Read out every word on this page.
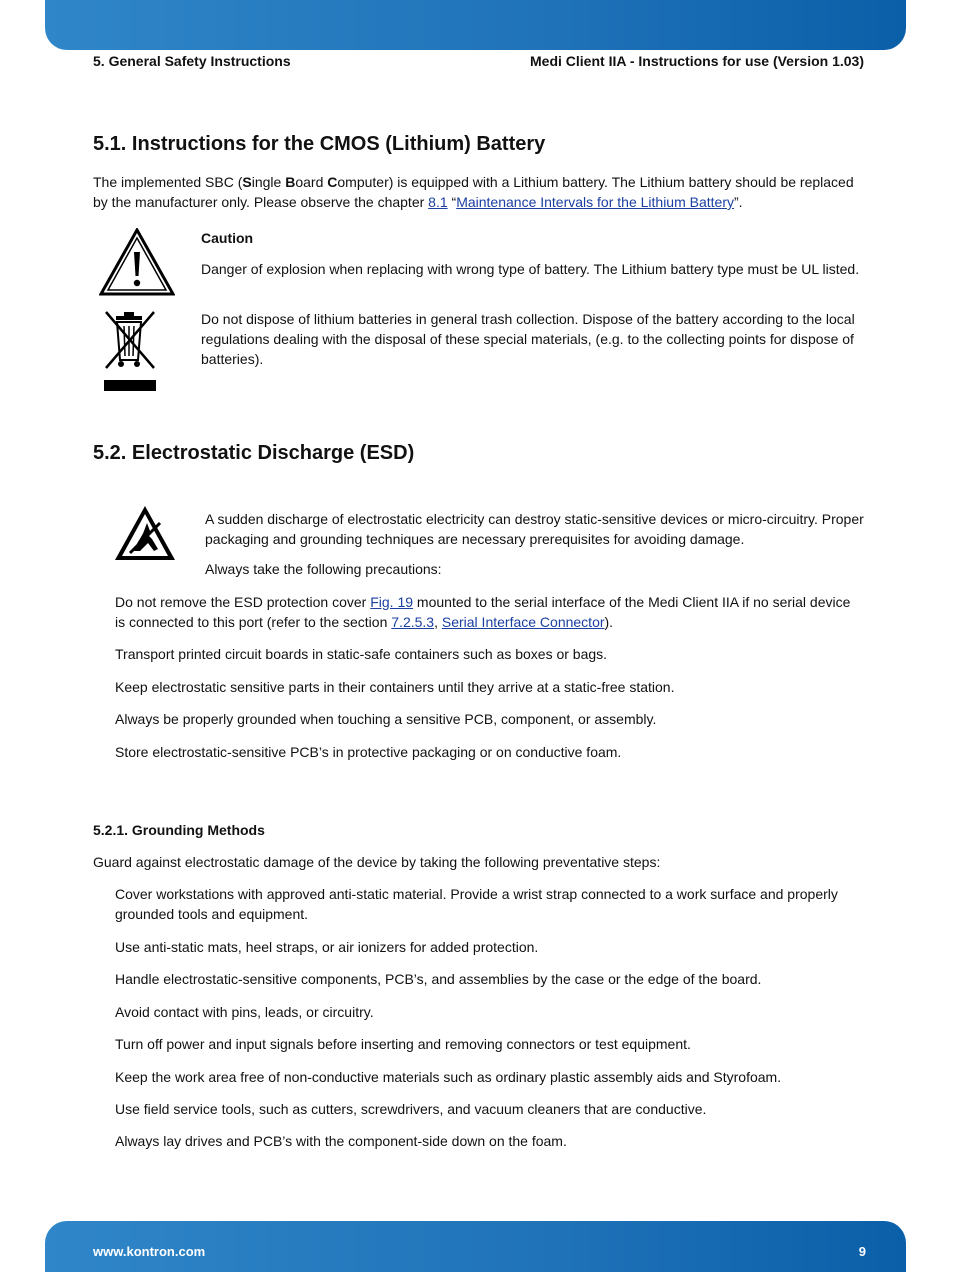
5. General Safety Instructions	Medi Client IIA - Instructions for use (Version 1.03)
5.1. Instructions for the CMOS (Lithium) Battery
The implemented SBC (Single Board Computer) is equipped with a Lithium battery. The Lithium battery should be replaced by the manufacturer only. Please observe the chapter 8.1 “Maintenance Intervals for the Lithium Battery”.
Caution
Danger of explosion when replacing with wrong type of battery. The Lithium battery type must be UL listed.
Do not dispose of lithium batteries in general trash collection. Dispose of the battery according to the local regulations dealing with the disposal of these special materials, (e.g. to the collecting points for dispose of batteries).
5.2. Electrostatic Discharge (ESD)
A sudden discharge of electrostatic electricity can destroy static-sensitive devices or micro-circuitry. Proper packaging and grounding techniques are necessary prerequisites for avoiding damage.
Always take the following precautions:
Do not remove the ESD protection cover Fig. 19 mounted to the serial interface of the Medi Client IIA if no serial device is connected to this port (refer to the section 7.2.5.3, Serial Interface Connector).
Transport printed circuit boards in static-safe containers such as boxes or bags.
Keep electrostatic sensitive parts in their containers until they arrive at a static-free station.
Always be properly grounded when touching a sensitive PCB, component, or assembly.
Store electrostatic-sensitive PCB’s in protective packaging or on conductive foam.
5.2.1. Grounding Methods
Guard against electrostatic damage of the device by taking the following preventative steps:
Cover workstations with approved anti-static material. Provide a wrist strap connected to a work surface and properly grounded tools and equipment.
Use anti-static mats, heel straps, or air ionizers for added protection.
Handle electrostatic-sensitive components, PCB’s, and assemblies by the case or the edge of the board.
Avoid contact with pins, leads, or circuitry.
Turn off power and input signals before inserting and removing connectors or test equipment.
Keep the work area free of non-conductive materials such as ordinary plastic assembly aids and Styrofoam.
Use field service tools, such as cutters, screwdrivers, and vacuum cleaners that are conductive.
Always lay drives and PCB’s with the component-side down on the foam.
www.kontron.com	9
